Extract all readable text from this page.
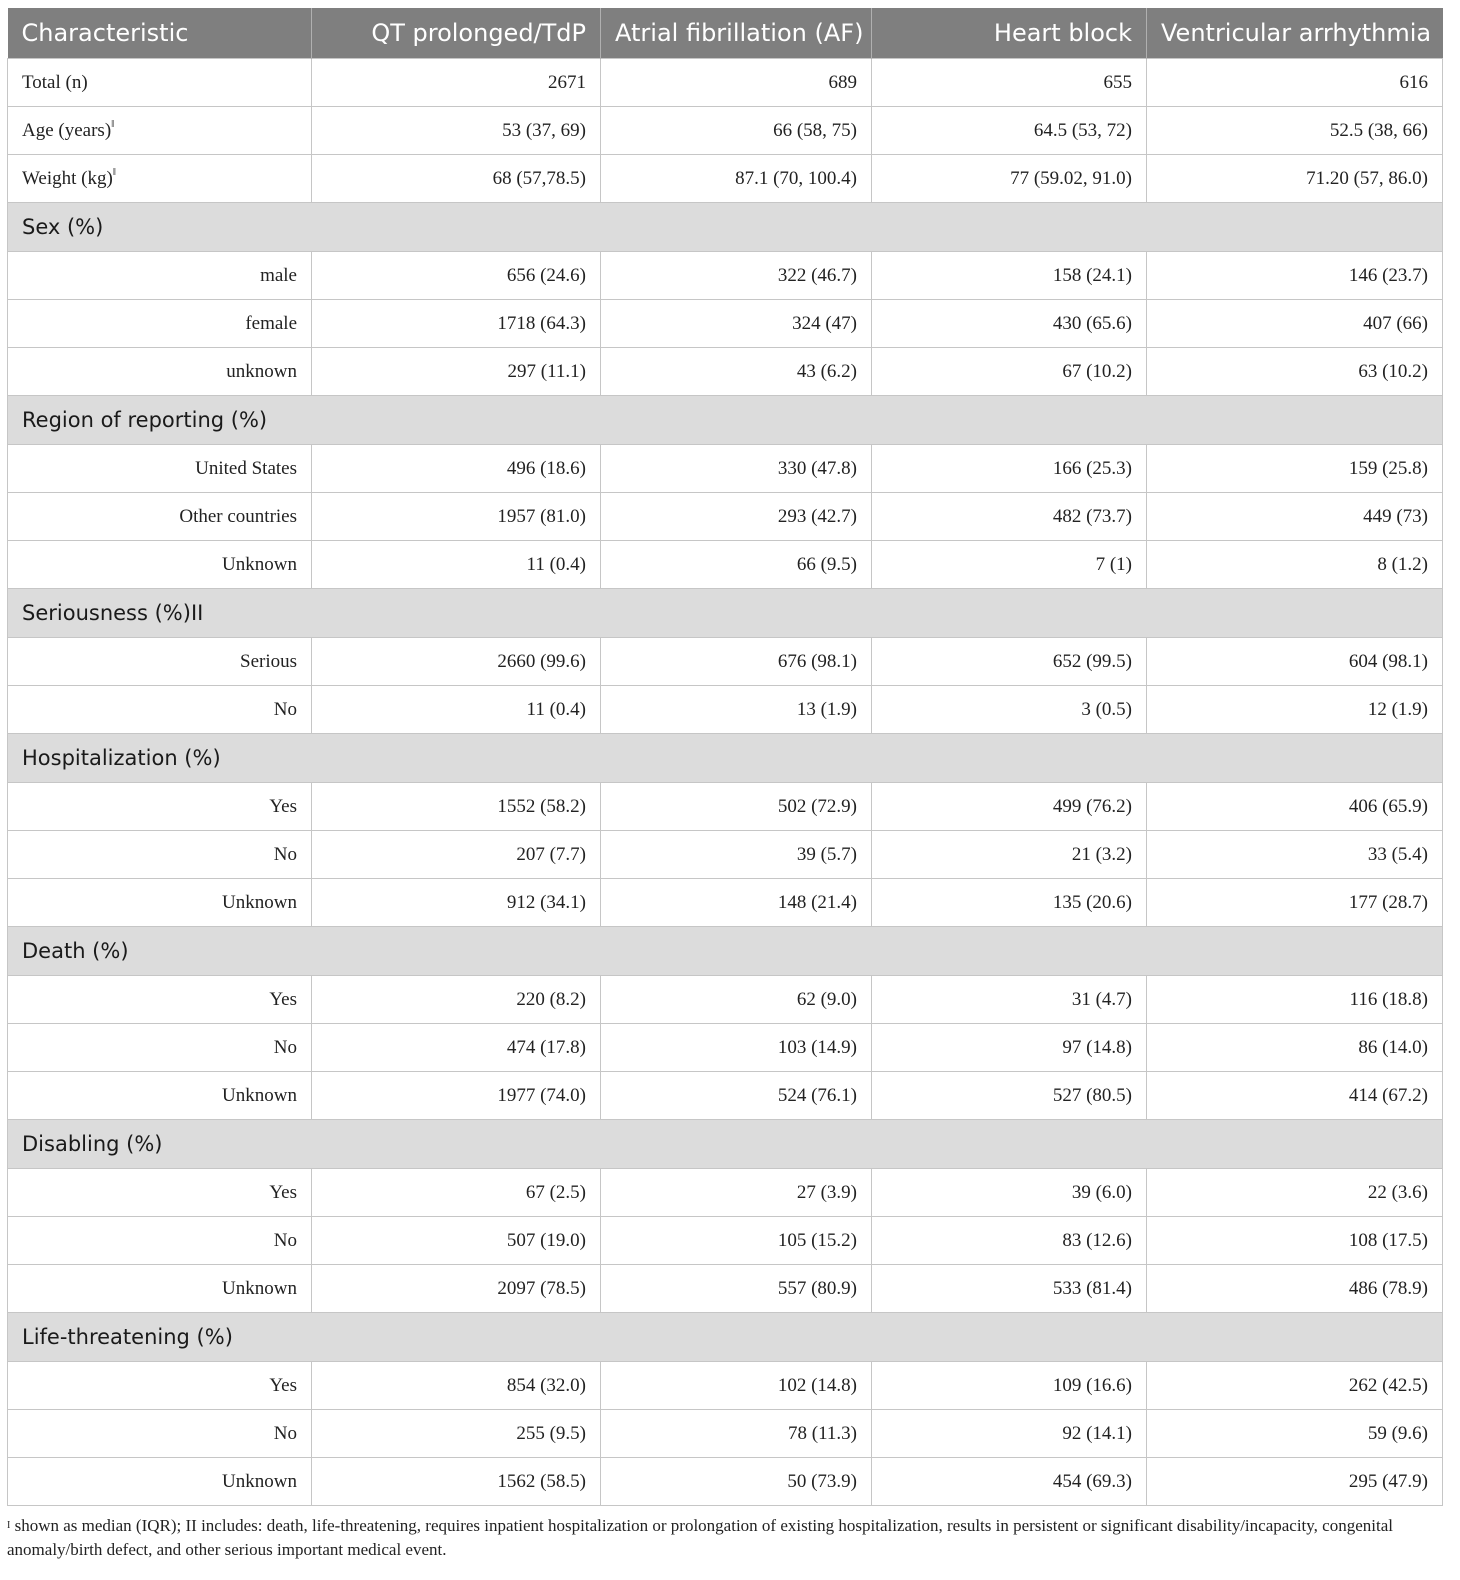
Characteristic	QT prolonged/TdP	Atrial fibrillation (AF)	Heart block	Ventricular arrhythmia
Total (n)	2671	689	655	616
Age (years)$^ǁ$	53 (37, 69)	66 (58, 75)	64.5 (53, 72)	52.5 (38, 66)
Weight (kg)$^ǁ$	68 (57,78.5)	87.1 (70, 100.4)	77 (59.02, 91.0)	71.20 (57, 86.0)
Sex (%)				
male	656 (24.6)	322 (46.7)	158 (24.1)	146 (23.7)
female	1718 (64.3)	324 (47)	430 (65.6)	407 (66)
unknown	297 (11.1)	43 (6.2)	67 (10.2)	63 (10.2)
Region of reporting (%)				
United States	496 (18.6)	330 (47.8)	166 (25.3)	159 (25.8)
Other countries	1957 (81.0)	293 (42.7)	482 (73.7)	449 (73)
Unknown	11 (0.4)	66 (9.5)	7 (1)	8 (1.2)
Seriousness (%)II				
Serious	2660 (99.6)	676 (98.1)	652 (99.5)	604 (98.1)
No	11 (0.4)	13 (1.9)	3 (0.5)	12 (1.9)
Hospitalization (%)				
Yes	1552 (58.2)	502 (72.9)	499 (76.2)	406 (65.9)
No	207 (7.7)	39 (5.7)	21 (3.2)	33 (5.4)
Unknown	912 (34.1)	148 (21.4)	135 (20.6)	177 (28.7)
Death (%)				
Yes	220 (8.2)	62 (9.0)	31 (4.7)	116 (18.8)
No	474 (17.8)	103 (14.9)	97 (14.8)	86 (14.0)
Unknown	1977 (74.0)	524 (76.1)	527 (80.5)	414 (67.2)
Disabling (%)				
Yes	67 (2.5)	27 (3.9)	39 (6.0)	22 (3.6)
No	507 (19.0)	105 (15.2)	83 (12.6)	108 (17.5)
Unknown	2097 (78.5)	557 (80.9)	533 (81.4)	486 (78.9)
Life-threatening (%)				
Yes	854 (32.0)	102 (14.8)	109 (16.6)	262 (42.5)
No	255 (9.5)	78 (11.3)	92 (14.1)	59 (9.6)
Unknown	1562 (58.5)	50 (73.9)	454 (69.3)	295 (47.9)
$^I$ shown as median (IQR); II includes: death, life-threatening, requires inpatient hospitalization or prolongation of existing hospitalization, results in persistent or significant disability/incapacity, congenital anomaly/birth defect, and other serious important medical event.
